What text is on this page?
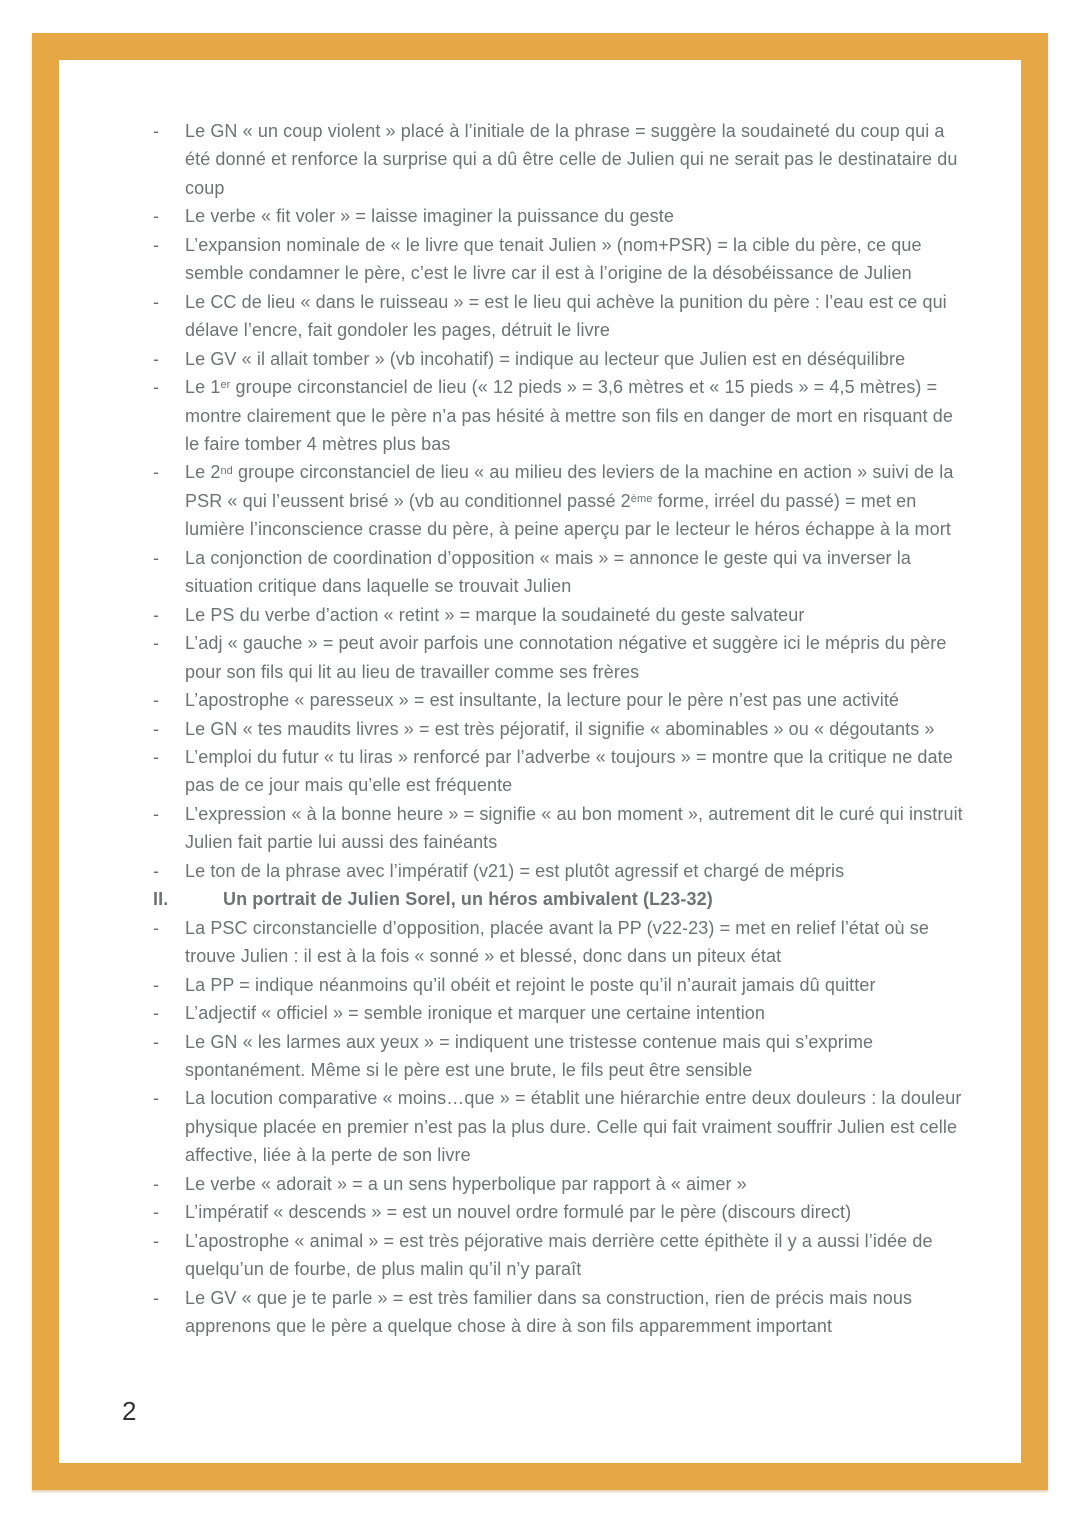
-	Le GN « un coup violent » placé à l’initiale de la phrase = suggère la soudaineté du coup qui a été donné et renforce la surprise qui a dû être celle de Julien qui ne serait pas le destinataire du coup
-	Le verbe « fit voler » = laisse imaginer la puissance du geste
-	L’expansion nominale de « le livre que tenait Julien » (nom+PSR) = la cible du père, ce que semble condamner le père, c’est le livre car il est à l’origine de la désobéissance de Julien
-	Le CC de lieu « dans le ruisseau » = est le lieu qui achève la punition du père : l’eau est ce qui délave l’encre, fait gondoler les pages, détruit le livre
-	Le GV « il allait tomber » (vb incohatif) = indique au lecteur que Julien est en déséquilibre
-	Le 1er groupe circonstanciel de lieu (« 12 pieds » = 3,6 mètres et « 15 pieds » = 4,5 mètres) = montre clairement que le père n’a pas hésité à mettre son fils en danger de mort en risquant de le faire tomber 4 mètres plus bas
-	Le 2nd groupe circonstanciel de lieu « au milieu des leviers de la machine en action » suivi de la PSR « qui l’eussent brisé » (vb au conditionnel passé 2ème forme, irréel du passé) = met en lumière l’inconscience crasse du père, à peine aperçu par le lecteur le héros échappe à la mort
-	La conjonction de coordination d’opposition « mais » = annonce le geste qui va inverser la situation critique dans laquelle se trouvait Julien
-	Le PS du verbe d’action « retint » = marque la soudaineté du geste salvateur
-	L’adj « gauche » = peut avoir parfois une connotation négative et suggère ici le mépris du père pour son fils qui lit au lieu de travailler comme ses frères
-	L’apostrophe « paresseux » = est insultante, la lecture pour le père n’est pas une activité
-	Le GN « tes maudits livres » = est très péjoratif, il signifie « abominables » ou « dégoutants »
-	L’emploi du futur « tu liras » renforcé par l’adverbe « toujours » = montre que la critique ne date pas de ce jour mais qu’elle est fréquente
-	L’expression « à la bonne heure » = signifie « au bon moment », autrement dit le curé qui instruit Julien fait partie lui aussi des fainéants
-	Le ton de la phrase avec l’impératif (v21) = est plutôt agressif et chargé de mépris
II.	Un portrait de Julien Sorel, un héros ambivalent (L23-32)
-	La PSC circonstancielle d’opposition, placée avant la PP (v22-23) = met en relief l’état où se trouve Julien : il est à la fois « sonné » et blessé, donc dans un piteux état
-	La PP = indique néanmoins qu’il obéit et rejoint le poste qu’il n’aurait jamais dû quitter
-	L’adjectif « officiel » = semble ironique et marquer une certaine intention
-	Le GN « les larmes aux yeux » = indiquent une tristesse contenue mais qui s’exprime spontanément. Même si le père est une brute, le fils peut être sensible
-	La locution comparative « moins…que » = établit une hiérarchie entre deux douleurs : la douleur physique placée en premier n’est pas la plus dure. Celle qui fait vraiment souffrir Julien est celle affective, liée à la perte de son livre
-	Le verbe « adorait » = a un sens hyperbolique par rapport à « aimer »
-	L’impératif « descends » = est un nouvel ordre formulé par le père (discours direct)
-	L’apostrophe « animal » = est très péjorative mais derrière cette épithète il y a aussi l’idée de quelqu’un de fourbe, de plus malin qu’il n’y paraît
-	Le GV « que je te parle » = est très familier dans sa construction, rien de précis mais nous apprenons que le père a quelque chose à dire à son fils apparemment important
2
